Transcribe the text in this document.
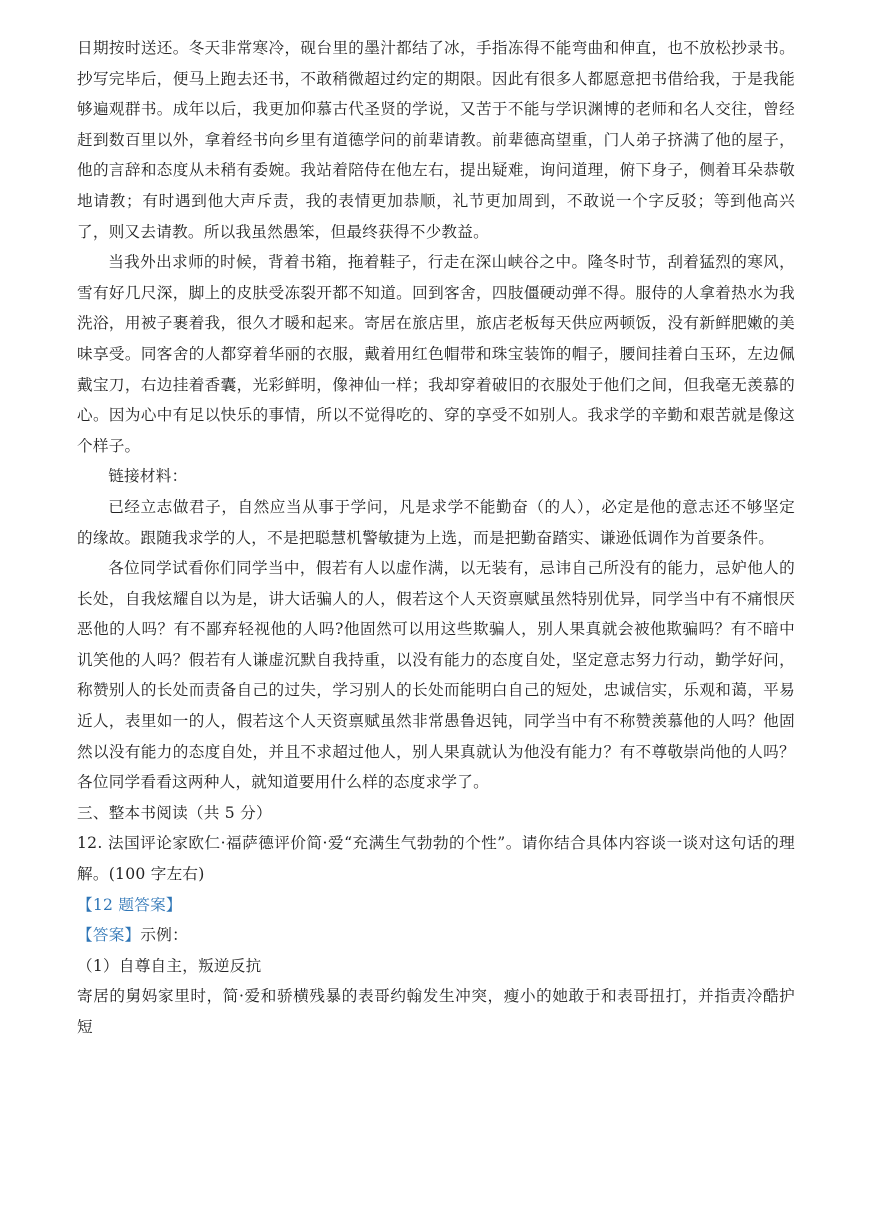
日期按时送还。冬天非常寒冷，砚台里的墨汁都结了冰，手指冻得不能弯曲和伸直，也不放松抄录书。抄写完毕后，便马上跑去还书，不敢稍微超过约定的期限。因此有很多人都愿意把书借给我，于是我能够遍观群书。成年以后，我更加仰慕古代圣贤的学说，又苦于不能与学识渊博的老师和名人交往，曾经赶到数百里以外，拿着经书向乡里有道德学问的前辈请教。前辈德高望重，门人弟子挤满了他的屋子，他的言辞和态度从未稍有委婉。我站着陪侍在他左右，提出疑难，询问道理，俯下身子，侧着耳朵恭敬地请教；有时遇到他大声斥责，我的表情更加恭顺，礼节更加周到，不敢说一个字反驳；等到他高兴了，则又去请教。所以我虽然愚笨，但最终获得不少教益。

当我外出求师的时候，背着书箱，拖着鞋子，行走在深山峡谷之中。隆冬时节，刮着猛烈的寒风，雪有好几尺深，脚上的皮肤受冻裂开都不知道。回到客舍，四肢僵硬动弹不得。服侍的人拿着热水为我洗浴，用被子裹着我，很久才暖和起来。寄居在旅店里，旅店老板每天供应两顿饭，没有新鲜肥嫩的美味享受。同客舍的人都穿着华丽的衣服，戴着用红色帽带和珠宝装饰的帽子，腰间挂着白玉环，左边佩戴宝刀，右边挂着香囊，光彩鲜明，像神仙一样；我却穿着破旧的衣服处于他们之间，但我毫无羡慕的心。因为心中有足以快乐的事情，所以不觉得吃的、穿的享受不如别人。我求学的辛勤和艰苦就是像这个样子。

链接材料：

已经立志做君子，自然应当从事于学问，凡是求学不能勤奋（的人），必定是他的意志还不够坚定的缘故。跟随我求学的人，不是把聪慧机警敏捷为上选，而是把勤奋踏实、谦逊低调作为首要条件。

各位同学试看你们同学当中，假若有人以虚作满，以无装有，忌讳自己所没有的能力，忌妒他人的长处，自我炫耀自以为是，讲大话骗人的人，假若这个人天资禀赋虽然特别优异，同学当中有不痛恨厌恶他的人吗？有不鄙弃轻视他的人吗?他固然可以用这些欺骗人，别人果真就会被他欺骗吗？有不暗中讥笑他的人吗？假若有人谦虚沉默自我持重，以没有能力的态度自处，坚定意志努力行动，勤学好问，称赞别人的长处而责备自己的过失，学习别人的长处而能明白自己的短处，忠诚信实，乐观和蔼，平易近人，表里如一的人，假若这个人天资禀赋虽然非常愚鲁迟钝，同学当中有不称赞羡慕他的人吗？他固然以没有能力的态度自处，并且不求超过他人，别人果真就认为他没有能力？有不尊敬崇尚他的人吗？各位同学看看这两种人，就知道要用什么样的态度求学了。

三、整本书阅读（共 5 分）

12. 法国评论家欧仁·福萨德评价简·爱“充满生气勃勃的个性”。请你结合具体内容谈一谈对这句话的理解。(100 字左右)

【12 题答案】

【答案】示例：

（1）自尊自主，叛逆反抗

寄居的舅妈家里时，简·爱和骄横残暴的表哥约翰发生冲突，瘦小的她敢于和表哥扭打，并指责冷酷护短
